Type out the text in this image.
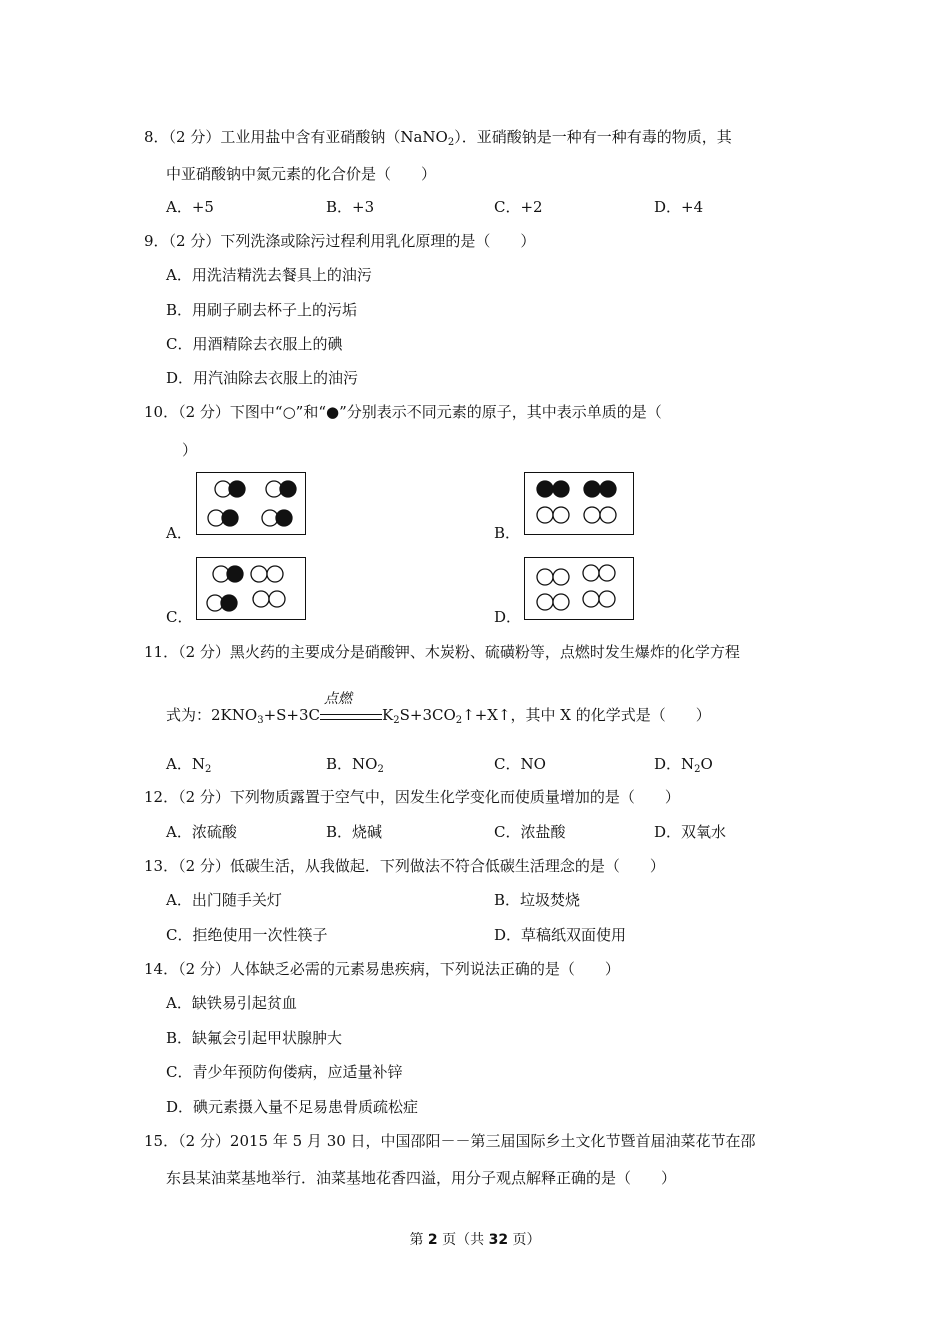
8．（2 分）工业用盐中含有亚硝酸钠（NaNO$_2$）．亚硝酸钠是一种有一种有毒的物质，其
中亚硝酸钠中氮元素的化合价是（　　）
A．+5	B．+3	C．+2	D．+4
9．（2 分）下列洗涤或除污过程利用乳化原理的是（　　）
A．用洗洁精洗去餐具上的油污
B．用刷子刷去杯子上的污垢
C．用酒精除去衣服上的碘
D．用汽油除去衣服上的油污
10．（2 分）下图中“○”和“●”分别表示不同元素的原子，其中表示单质的是（
）
A．	B．
C．	D．
11．（2 分）黑火药的主要成分是硝酸钾、木炭粉、硫磺粉等，点燃时发生爆炸的化学方程
式为：$2KNO_3+S+3C$
点燃
$K_2S+3CO_2↑+X↑$，其中 X 的化学式是（　　）
A．$N_2$	B．$NO_2$	C．NO	D．$N_2O$
12．（2 分）下列物质露置于空气中，因发生化学变化而使质量增加的是（　　）
A．浓硫酸	B．烧碱	C．浓盐酸	D．双氧水
13．（2 分）低碳生活，从我做起．下列做法不符合低碳生活理念的是（　　）
A．出门随手关灯	B．垃圾焚烧
C．拒绝使用一次性筷子	D．草稿纸双面使用
14．（2 分）人体缺乏必需的元素易患疾病，下列说法正确的是（　　）
A．缺铁易引起贫血
B．缺氟会引起甲状腺肿大
C．青少年预防佝偻病，应适量补锌
D．碘元素摄入量不足易患骨质疏松症
15．（2 分）2015 年 5 月 30 日，中国邵阳－－第三届国际乡土文化节暨首届油菜花节在邵
东县某油菜基地举行．油菜基地花香四溢，用分子观点解释正确的是（　　）
第 2 页（共 32 页）
